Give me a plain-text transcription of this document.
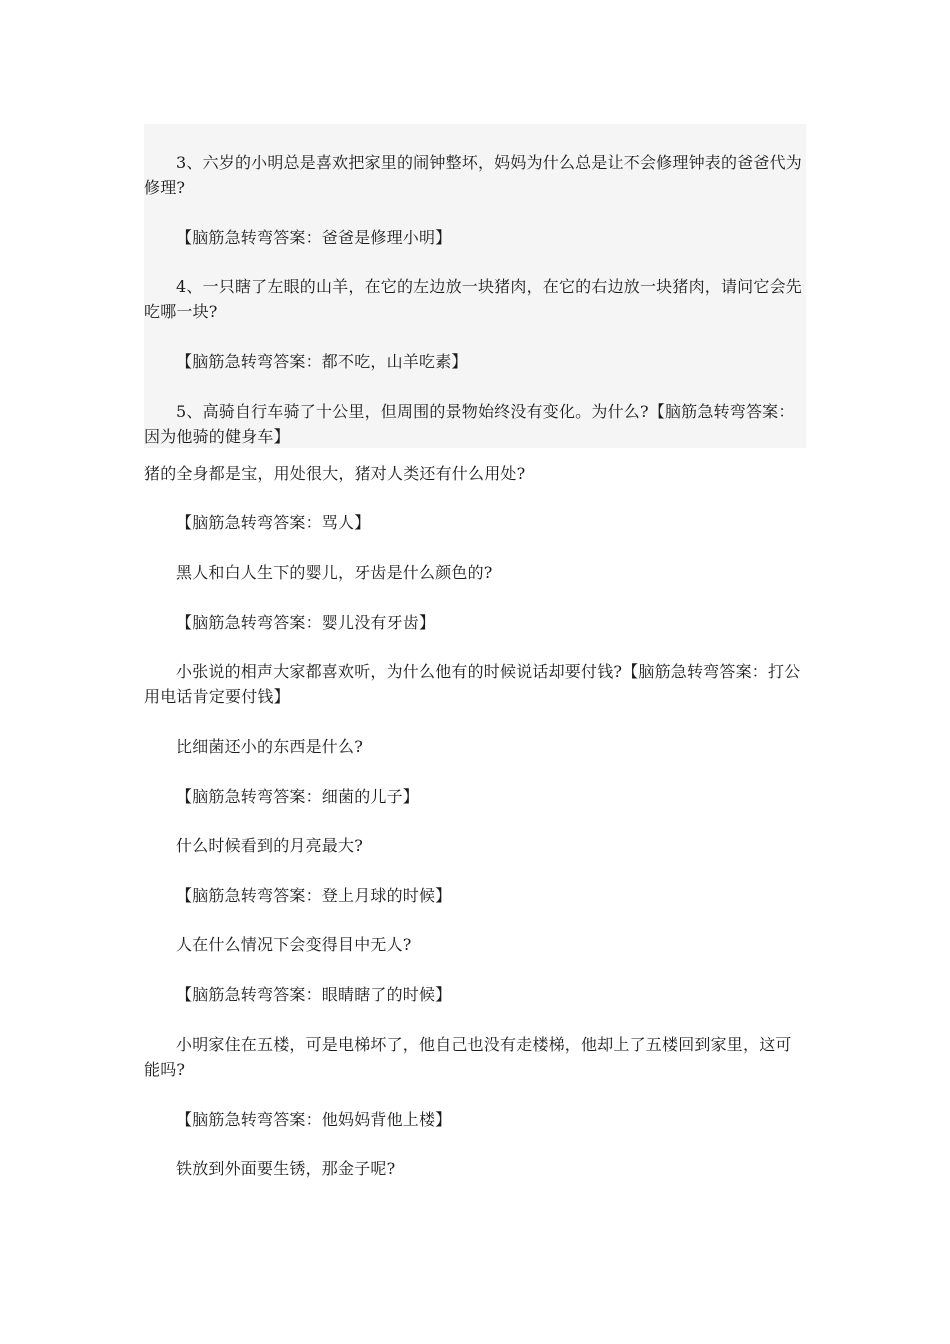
3、六岁的小明总是喜欢把家里的闹钟整坏，妈妈为什么总是让不会修理钟表的爸爸代为修理?

【脑筋急转弯答案：爸爸是修理小明】

4、一只瞎了左眼的山羊，在它的左边放一块猪肉，在它的右边放一块猪肉，请问它会先吃哪一块?

【脑筋急转弯答案：都不吃，山羊吃素】

5、高骑自行车骑了十公里，但周围的景物始终没有变化。为什么?【脑筋急转弯答案：因为他骑的健身车】

猪的全身都是宝，用处很大，猪对人类还有什么用处?

【脑筋急转弯答案：骂人】

黑人和白人生下的婴儿，牙齿是什么颜色的?

【脑筋急转弯答案：婴儿没有牙齿】

小张说的相声大家都喜欢听，为什么他有的时候说话却要付钱?【脑筋急转弯答案：打公用电话肯定要付钱】

比细菌还小的东西是什么?

【脑筋急转弯答案：细菌的儿子】

什么时候看到的月亮最大?

【脑筋急转弯答案：登上月球的时候】

人在什么情况下会变得目中无人?

【脑筋急转弯答案：眼睛瞎了的时候】

小明家住在五楼，可是电梯坏了，他自己也没有走楼梯，他却上了五楼回到家里，这可能吗?

【脑筋急转弯答案：他妈妈背他上楼】

铁放到外面要生锈，那金子呢?
